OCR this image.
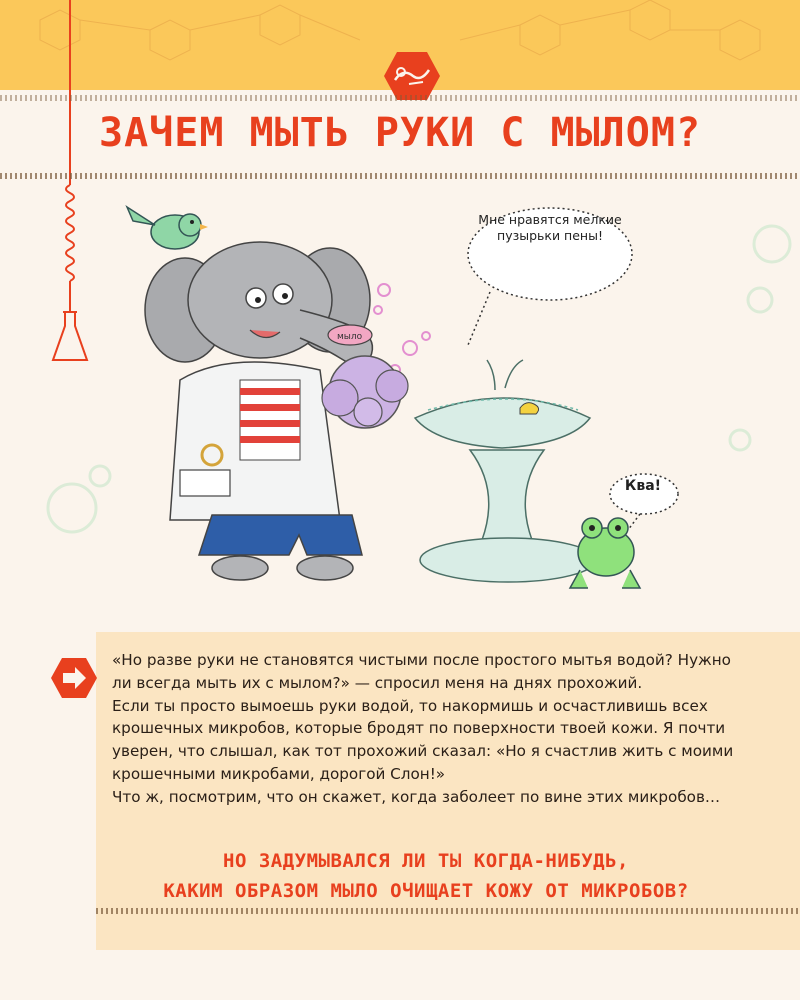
ЗАЧЕМ МЫТЬ РУКИ С МЫЛОМ?
мыло
Мне нравятся мелкие пузырьки пены!
Ква!

«Но разве руки не становятся чистыми после простого мытья водой? Нужно ли всегда мыть их с мылом?» — спросил меня на днях прохожий.

Если ты просто вымоешь руки водой, то накормишь и осчастливишь всех крошечных микробов, которые бродят по поверхности твоей кожи. Я почти уверен, что слышал, как тот прохожий сказал: «Но я счастлив жить с моими крошечными микробами, дорогой Слон!»

Что ж, посмотрим, что он скажет, когда заболеет по вине этих микробов…

НО ЗАДУМЫВАЛСЯ ЛИ ТЫ КОГДА-НИБУДЬ,
КАКИМ ОБРАЗОМ МЫЛО ОЧИЩАЕТ КОЖУ ОТ МИКРОБОВ?
